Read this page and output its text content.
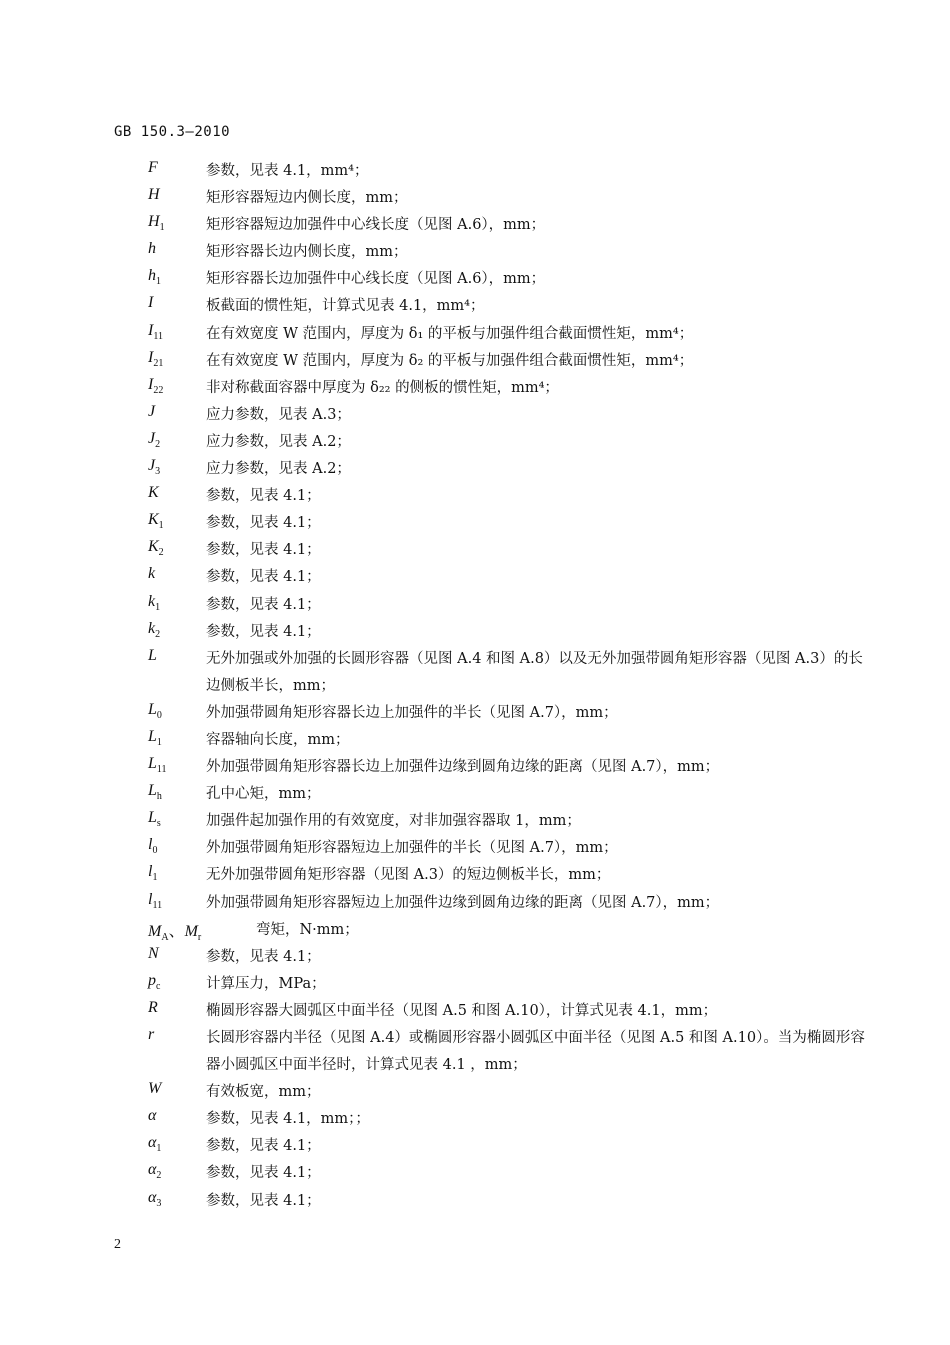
GB 150.3—2010
F	参数，见表 4.1，mm⁴；
H	矩形容器短边内侧长度，mm；
$H_1$	矩形容器短边加强件中心线长度（见图 A.6），mm；
h	矩形容器长边内侧长度，mm；
$h_1$	矩形容器长边加强件中心线长度（见图 A.6），mm；
I	板截面的惯性矩，计算式见表 4.1，mm⁴；
$I_{11}$	在有效宽度 W 范围内，厚度为 δ₁ 的平板与加强件组合截面惯性矩，mm⁴；
$I_{21}$	在有效宽度 W 范围内，厚度为 δ₂ 的平板与加强件组合截面惯性矩，mm⁴；
$I_{22}$	非对称截面容器中厚度为 δ₂₂ 的侧板的惯性矩，mm⁴；
J	应力参数，见表 A.3；
$J_2$	应力参数，见表 A.2；
$J_3$	应力参数，见表 A.2；
K	参数，见表 4.1；
$K_1$	参数，见表 4.1；
$K_2$	参数，见表 4.1；
k	参数，见表 4.1；
$k_1$	参数，见表 4.1；
$k_2$	参数，见表 4.1；
L	无外加强或外加强的长圆形容器（见图 A.4 和图 A.8）以及无外加强带圆角矩形容器（见图 A.3）的长边侧板半长，mm；
$L_0$	外加强带圆角矩形容器长边上加强件的半长（见图 A.7），mm；
$L_1$	容器轴向长度，mm；
$L_{11}$	外加强带圆角矩形容器长边上加强件边缘到圆角边缘的距离（见图 A.7），mm；
$L_h$	孔中心矩，mm；
$L_s$	加强件起加强作用的有效宽度，对非加强容器取 1，mm；
$l_0$	外加强带圆角矩形容器短边上加强件的半长（见图 A.7），mm；
$l_1$	无外加强带圆角矩形容器（见图 A.3）的短边侧板半长，mm；
$l_{11}$	外加强带圆角矩形容器短边上加强件边缘到圆角边缘的距离（见图 A.7），mm；
$M_A$、$M_r$	弯矩，N·mm；
N	参数，见表 4.1；
$p_c$	计算压力，MPa；
R	椭圆形容器大圆弧区中面半径（见图 A.5 和图 A.10），计算式见表 4.1，mm；
r	长圆形容器内半径（见图 A.4）或椭圆形容器小圆弧区中面半径（见图 A.5 和图 A.10）。当为椭圆形容器小圆弧区中面半径时，计算式见表 4.1 ，mm；
W	有效板宽，mm；
α	参数，见表 4.1，mm；；
$\alpha_1$	参数，见表 4.1；
$\alpha_2$	参数，见表 4.1；
$\alpha_3$	参数，见表 4.1；
2
